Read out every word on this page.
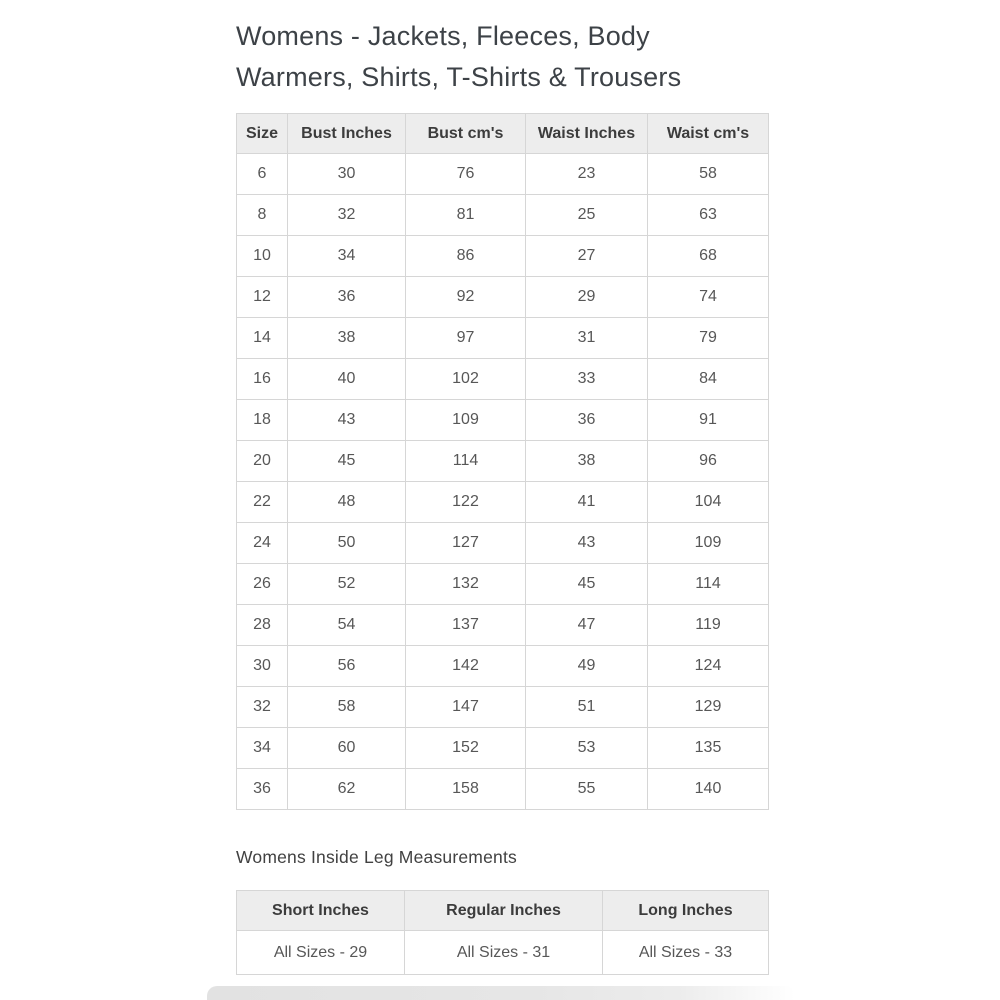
Womens - Jackets, Fleeces, Body Warmers, Shirts, T-Shirts & Trousers
Size	Bust Inches	Bust cm's	Waist Inches	Waist cm's
6	30	76	23	58
8	32	81	25	63
10	34	86	27	68
12	36	92	29	74
14	38	97	31	79
16	40	102	33	84
18	43	109	36	91
20	45	114	38	96
22	48	122	41	104
24	50	127	43	109
26	52	132	45	114
28	54	137	47	119
30	56	142	49	124
32	58	147	51	129
34	60	152	53	135
36	62	158	55	140

Womens Inside Leg Measurements

Short Inches	Regular Inches	Long Inches
All Sizes - 29	All Sizes - 31	All Sizes - 33
